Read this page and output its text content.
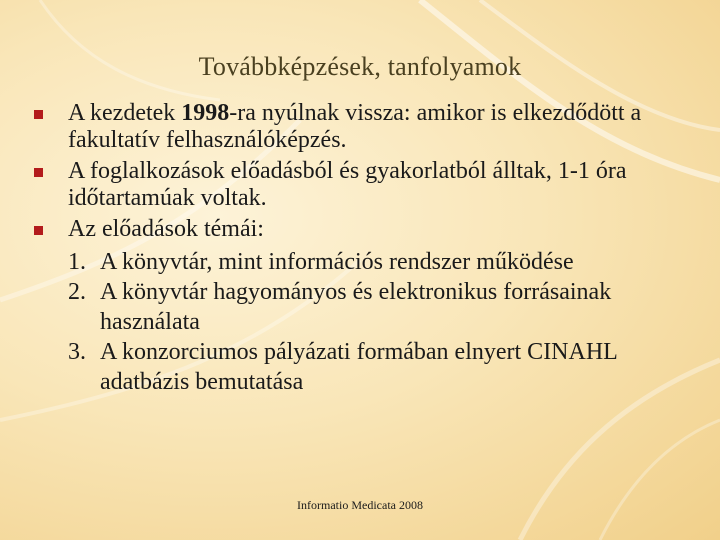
Továbbképzések, tanfolyamok
A kezdetek 1998-ra nyúlnak vissza: amikor is elkezdődött a fakultatív felhasználóképzés.
A foglalkozások előadásból és gyakorlatból álltak, 1-1 óra időtartamúak voltak.
Az előadások témái:
1. A könyvtár, mint információs rendszer működése
2. A könyvtár hagyományos és elektronikus forrásainak használata
3. A konzorciumos pályázati formában elnyert CINAHL adatbázis bemutatása
Informatio Medicata 2008
